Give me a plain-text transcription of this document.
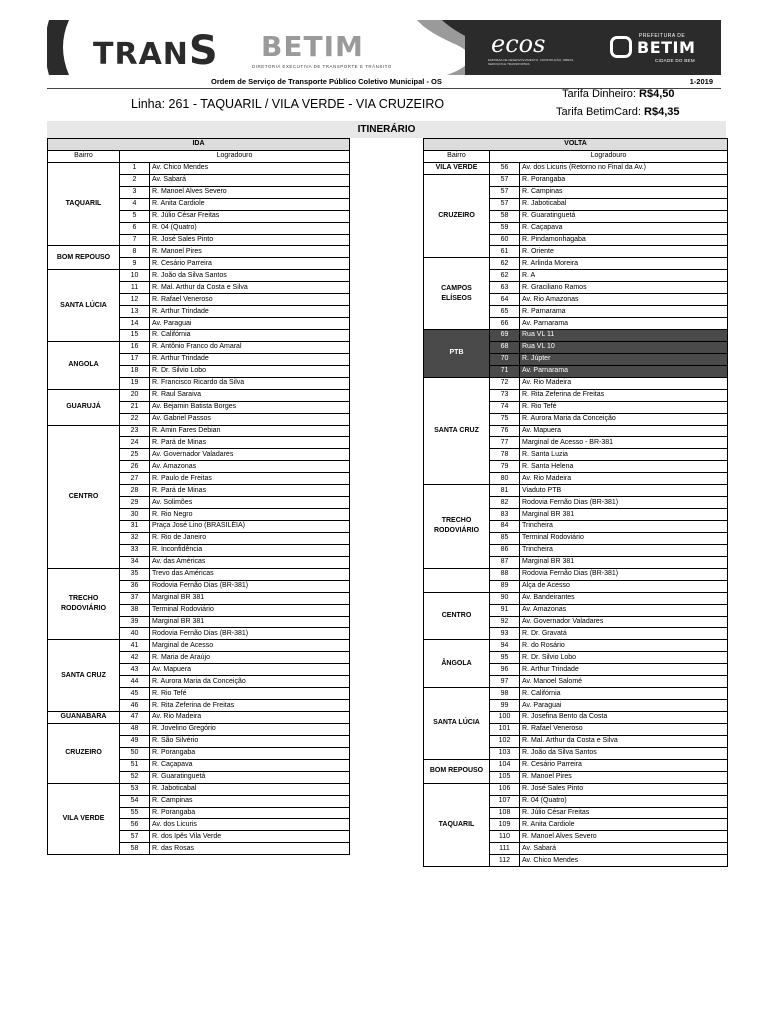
TRANS BETIM
DIRETORIA EXECUTIVA DE TRANSPORTE E TRÂNSITO
ecos
EMPRESA DE DESENVOLVIMENTO, CONSTRUÇÃO, OBRAS, SERVIÇOS E TRANSPORTES
PREFEITURA DE
BETIM
CIDADE DO BEM
Ordem de Serviço de Transporte Público Coletivo Municipal - OS	1-2019
Linha: 261 - TAQUARIL / VILA VERDE - VIA CRUZEIRO
Tarifa Dinheiro: R$4,50
Tarifa BetimCard: R$4,35
ITINERÁRIO
IDA		
Bairro	Logradouro	
TAQUARIL	1	Av. Chico Mendes
	2	Av. Sabará
	3	R. Manoel Alves Severo
	4	R. Anita Cardiole
	5	R. Júlio César Freitas
	6	R. 04 (Quatro)
	7	R. José Sales Pinto
BOM REPOUSO	8	R. Manoel Pires
	9	R. Cesário Parreira
SANTA LÚCIA	10	R. João da Silva Santos
	11	R. Mal. Arthur da Costa e Silva
	12	R. Rafael Veneroso
	13	R. Arthur Trindade
	14	Av. Paraguai
	15	R. Califórnia
ANGOLA	16	R. Antônio Franco do Amaral
	17	R. Arthur Trindade
	18	R. Dr. Silvio Lobo
	19	R. Francisco Ricardo da Silva
GUARUJÁ	20	R. Raul Saraiva
	21	Av. Bejamin Batista Borges
	22	Av. Gabriel Passos
CENTRO	23	R. Amin Fares Debian
	24	R. Pará de Minas
	25	Av. Governador Valadares
	26	Av. Amazonas
	27	R. Paulo de Freitas
	28	R. Pará de Minas
	29	Av. Solimões
	30	R. Rio Negro
	31	Praça José Lino (BRASILÉIA)
	32	R. Rio de Janeiro
	33	R. Inconfidência
	34	Av. das Américas
TRECHO RODOVIÁRIO	35	Trevo das Américas
	36	Rodovia Fernão Dias (BR-381)
	37	Marginal BR 381
	38	Terminal Rodoviário
	39	Marginal BR 381
	40	Rodovia Fernão Dias (BR-381)
SANTA CRUZ	41	Marginal de Acesso
	42	R. Maria de Araújo
	43	Av. Mapuera
	44	R. Aurora Maria da Conceição
	45	R. Rio Tefé
	46	R. Rita Zeferina de Freitas
GUANABARA	47	Av. Rio Madeira
CRUZEIRO	48	R. Jovelino Gregório
	49	R. São Silvério
	50	R. Porangaba
	51	R. Caçapava
	52	R. Guaratinguetá
VILA VERDE	53	R. Jaboticabal
	54	R. Campinas
	55	R. Porangaba
	56	Av. dos Licuris
	57	R. dos Ipês Vila Verde
	58	R. das Rosas
VOLTA		
Bairro	Logradouro	
VILA VERDE	56	Av. dos Licuris (Retorno no Final da Av.)
CRUZEIRO	57	R. Porangaba
	57	R. Campinas
	57	R. Jaboticabal
	58	R. Guaratinguetá
	59	R. Caçapava
	60	R. Pindamonhagaba
	61	R. Oriente
CAMPOS ELÍSEOS	62	R. Arlinda Moreira
	62	R. A
	63	R. Graciliano Ramos
	64	Av. Rio Amazonas
	65	R. Parnarama
	66	Av. Parnarama
PTB	69	Rua VL 11
	68	Rua VL 10
	70	R. Júpter
	71	Av. Parnarama
SANTA CRUZ	72	Av. Rio Madeira
	73	R. Rita Zeferina de Freitas
	74	R. Rio Tefé
	75	R. Aurora Maria da Conceição
	76	Av. Mapuera
	77	Marginal de Acesso - BR-381
	78	R. Santa Luzia
	79	R. Santa Helena
	80	Av. Rio Madeira
TRECHO RODOVIÁRIO	81	Viaduto PTB
	82	Rodovia Fernão Dias (BR-381)
	83	Marginal BR 381
	84	Trincheira
	85	Terminal Rodoviário
	86	Trincheira
	87	Marginal BR 381
	88	Rodovia Fernão Dias (BR-381)
	89	Alça de Acesso
CENTRO	90	Av. Bandeirantes
	91	Av. Amazonas
	92	Av. Governador Valadares
	93	R. Dr. Gravatá
ÂNGOLA	94	R. do Rosário
	95	R. Dr. Silvio Lobo
	96	R. Arthur Trindade
	97	Av. Manoel Salomé
SANTA LÚCIA	98	R. Califórnia
	99	Av. Paraguai
	100	R. Josefina Bento da Costa
	101	R. Rafael Veneroso
	102	R. Mal. Arthur da Costa e Silva
	103	R. João da Silva Santos
BOM REPOUSO	104	R. Cesário Parreira
	105	R. Manoel Pires
TAQUARIL	106	R. José Sales Pinto
	107	R. 04 (Quatro)
	108	R. Júlio César Freitas
	109	R. Anita Cardiole
	110	R. Manoel Alves Severo
	111	Av. Sabará
	112	Av. Chico Mendes
